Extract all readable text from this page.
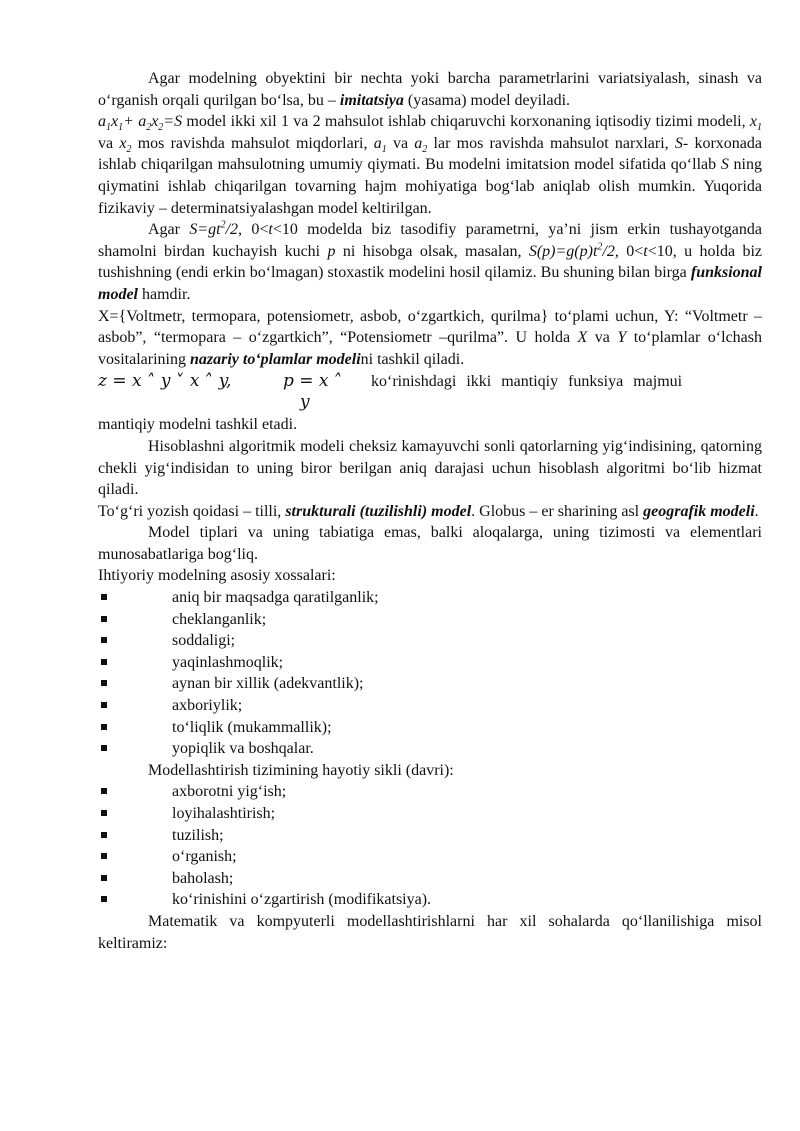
Agar modelning obyektini bir nechta yoki barcha parametrlarini variatsiyalash, sinash va oʻrganish orqali qurilgan boʻlsa, bu – imitatsiya (yasama) model deyiladi.

$a_1x_1+ a_2x_2=S$ model ikki xil 1 va 2 mahsulot ishlab chiqaruvchi korxonaning iqtisodiy tizimi modeli, $x_1$ va $x_2$ mos ravishda mahsulot miqdorlari, $a_1$ va $a_2$ lar mos ravishda mahsulot narxlari, S- korxonada ishlab chiqarilgan mahsulotning umumiy qiymati. Bu modelni imitatsion model sifatida qoʻllab S ning qiymatini ishlab chiqarilgan tovarning hajm mohiyatiga bogʻlab aniqlab olish mumkin. Yuqorida fizikaviy – determinatsiyalashgan model keltirilgan.

Agar $S=gt^2/2$, 0<t<10 modelda biz tasodifiy parametrni, ya’ni jism erkin tushayotganda shamolni birdan kuchayish kuchi p ni hisobga olsak, masalan, $S(p)=g(p)t^2/2$, 0<t<10, u holda biz tushishning (endi erkin boʻlmagan) stoxastik modelini hosil qilamiz. Bu shuning bilan birga funksional model hamdir.

X={Voltmetr, termopara, potensiometr, asbob, oʻzgartkich, qurilma} toʻplami uchun, Y: “Voltmetr – asbob”, “termopara – oʻzgartkich”, “Potensiometr –qurilma”. U holda X va Y toʻplamlar oʻlchash vositalarining nazariy toʻplamlar modelini tashkil qiladi.

z = x ˄ y ˅ x ˄ y,	p = x ˄
y
koʻrinishdagi ikki mantiqiy funksiya majmui

mantiqiy modelni tashkil etadi.

Hisoblashni algoritmik modeli cheksiz kamayuvchi sonli qatorlarning yigʻindisining, qatorning chekli yigʻindisidan to uning biror berilgan aniq darajasi uchun hisoblash algoritmi boʻlib hizmat qiladi.

Toʻgʻri yozish qoidasi – tilli, strukturali (tuzilishli) model. Globus – er sharining asl geografik modeli.

Model tiplari va uning tabiatiga emas, balki aloqalarga, uning tizimosti va elementlari munosabatlariga bogʻliq.

Ihtiyoriy modelning asosiy xossalari:

aniq bir maqsadga qaratilganlik;
cheklanganlik;
soddaligi;
yaqinlashmoqlik;
aynan bir xillik (adekvantlik);
axboriylik;
toʻliqlik (mukammallik);
yopiqlik va boshqalar.

Modellashtirish tizimining hayotiy sikli (davri):

axborotni yigʻish;
loyihalashtirish;
tuzilish;
oʻrganish;
baholash;
koʻrinishini oʻzgartirish (modifikatsiya).

Matematik va kompyuterli modellashtirishlarni har xil sohalarda qoʻllanilishiga misol keltiramiz:
